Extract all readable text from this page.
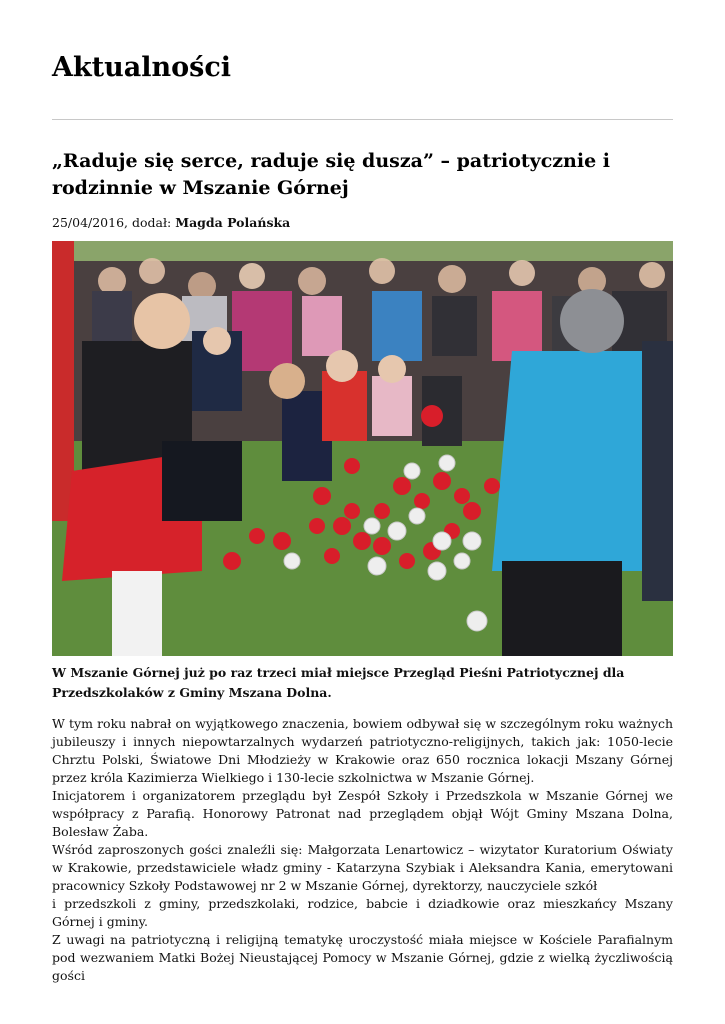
Aktualności
„Raduje się serce, raduje się dusza” – patriotycznie i rodzinnie w Mszanie Górnej
25/04/2016, dodał: Magda Polańska

W Mszanie Górnej już po raz trzeci miał miejsce Przegląd Pieśni Patriotycznej dla Przedszkolaków z Gminy Mszana Dolna.

W tym roku nabrał on wyjątkowego znaczenia, bowiem odbywał się w szczególnym roku ważnych jubileuszy i innych niepowtarzalnych wydarzeń patriotyczno-religijnych, takich jak: 1050-lecie Chrztu Polski, Światowe Dni Młodzieży w Krakowie oraz 650 rocznica lokacji Mszany Górnej przez króla Kazimierza Wielkiego i 130-lecie szkolnictwa w Mszanie Górnej.

Inicjatorem i organizatorem przeglądu był Zespół Szkoły i Przedszkola w Mszanie Górnej we współpracy z Parafią. Honorowy Patronat nad przeglądem objął Wójt Gminy Mszana Dolna, Bolesław Żaba.

Wśród zaproszonych gości znaleźli się: Małgorzata Lenartowicz – wizytator Kuratorium Oświaty w Krakowie, przedstawiciele władz gminy - Katarzyna Szybiak i Aleksandra Kania, emerytowani pracownicy Szkoły Podstawowej nr 2 w Mszanie Górnej, dyrektorzy, nauczyciele szkół

i przedszkoli z gminy, przedszkolaki, rodzice, babcie i dziadkowie oraz mieszkańcy Mszany Górnej i gminy.

Z uwagi na patriotyczną i religijną tematykę uroczystość miała miejsce w Kościele Parafialnym pod wezwaniem Matki Bożej Nieustającej Pomocy w Mszanie Górnej, gdzie z wielką życzliwością gości
